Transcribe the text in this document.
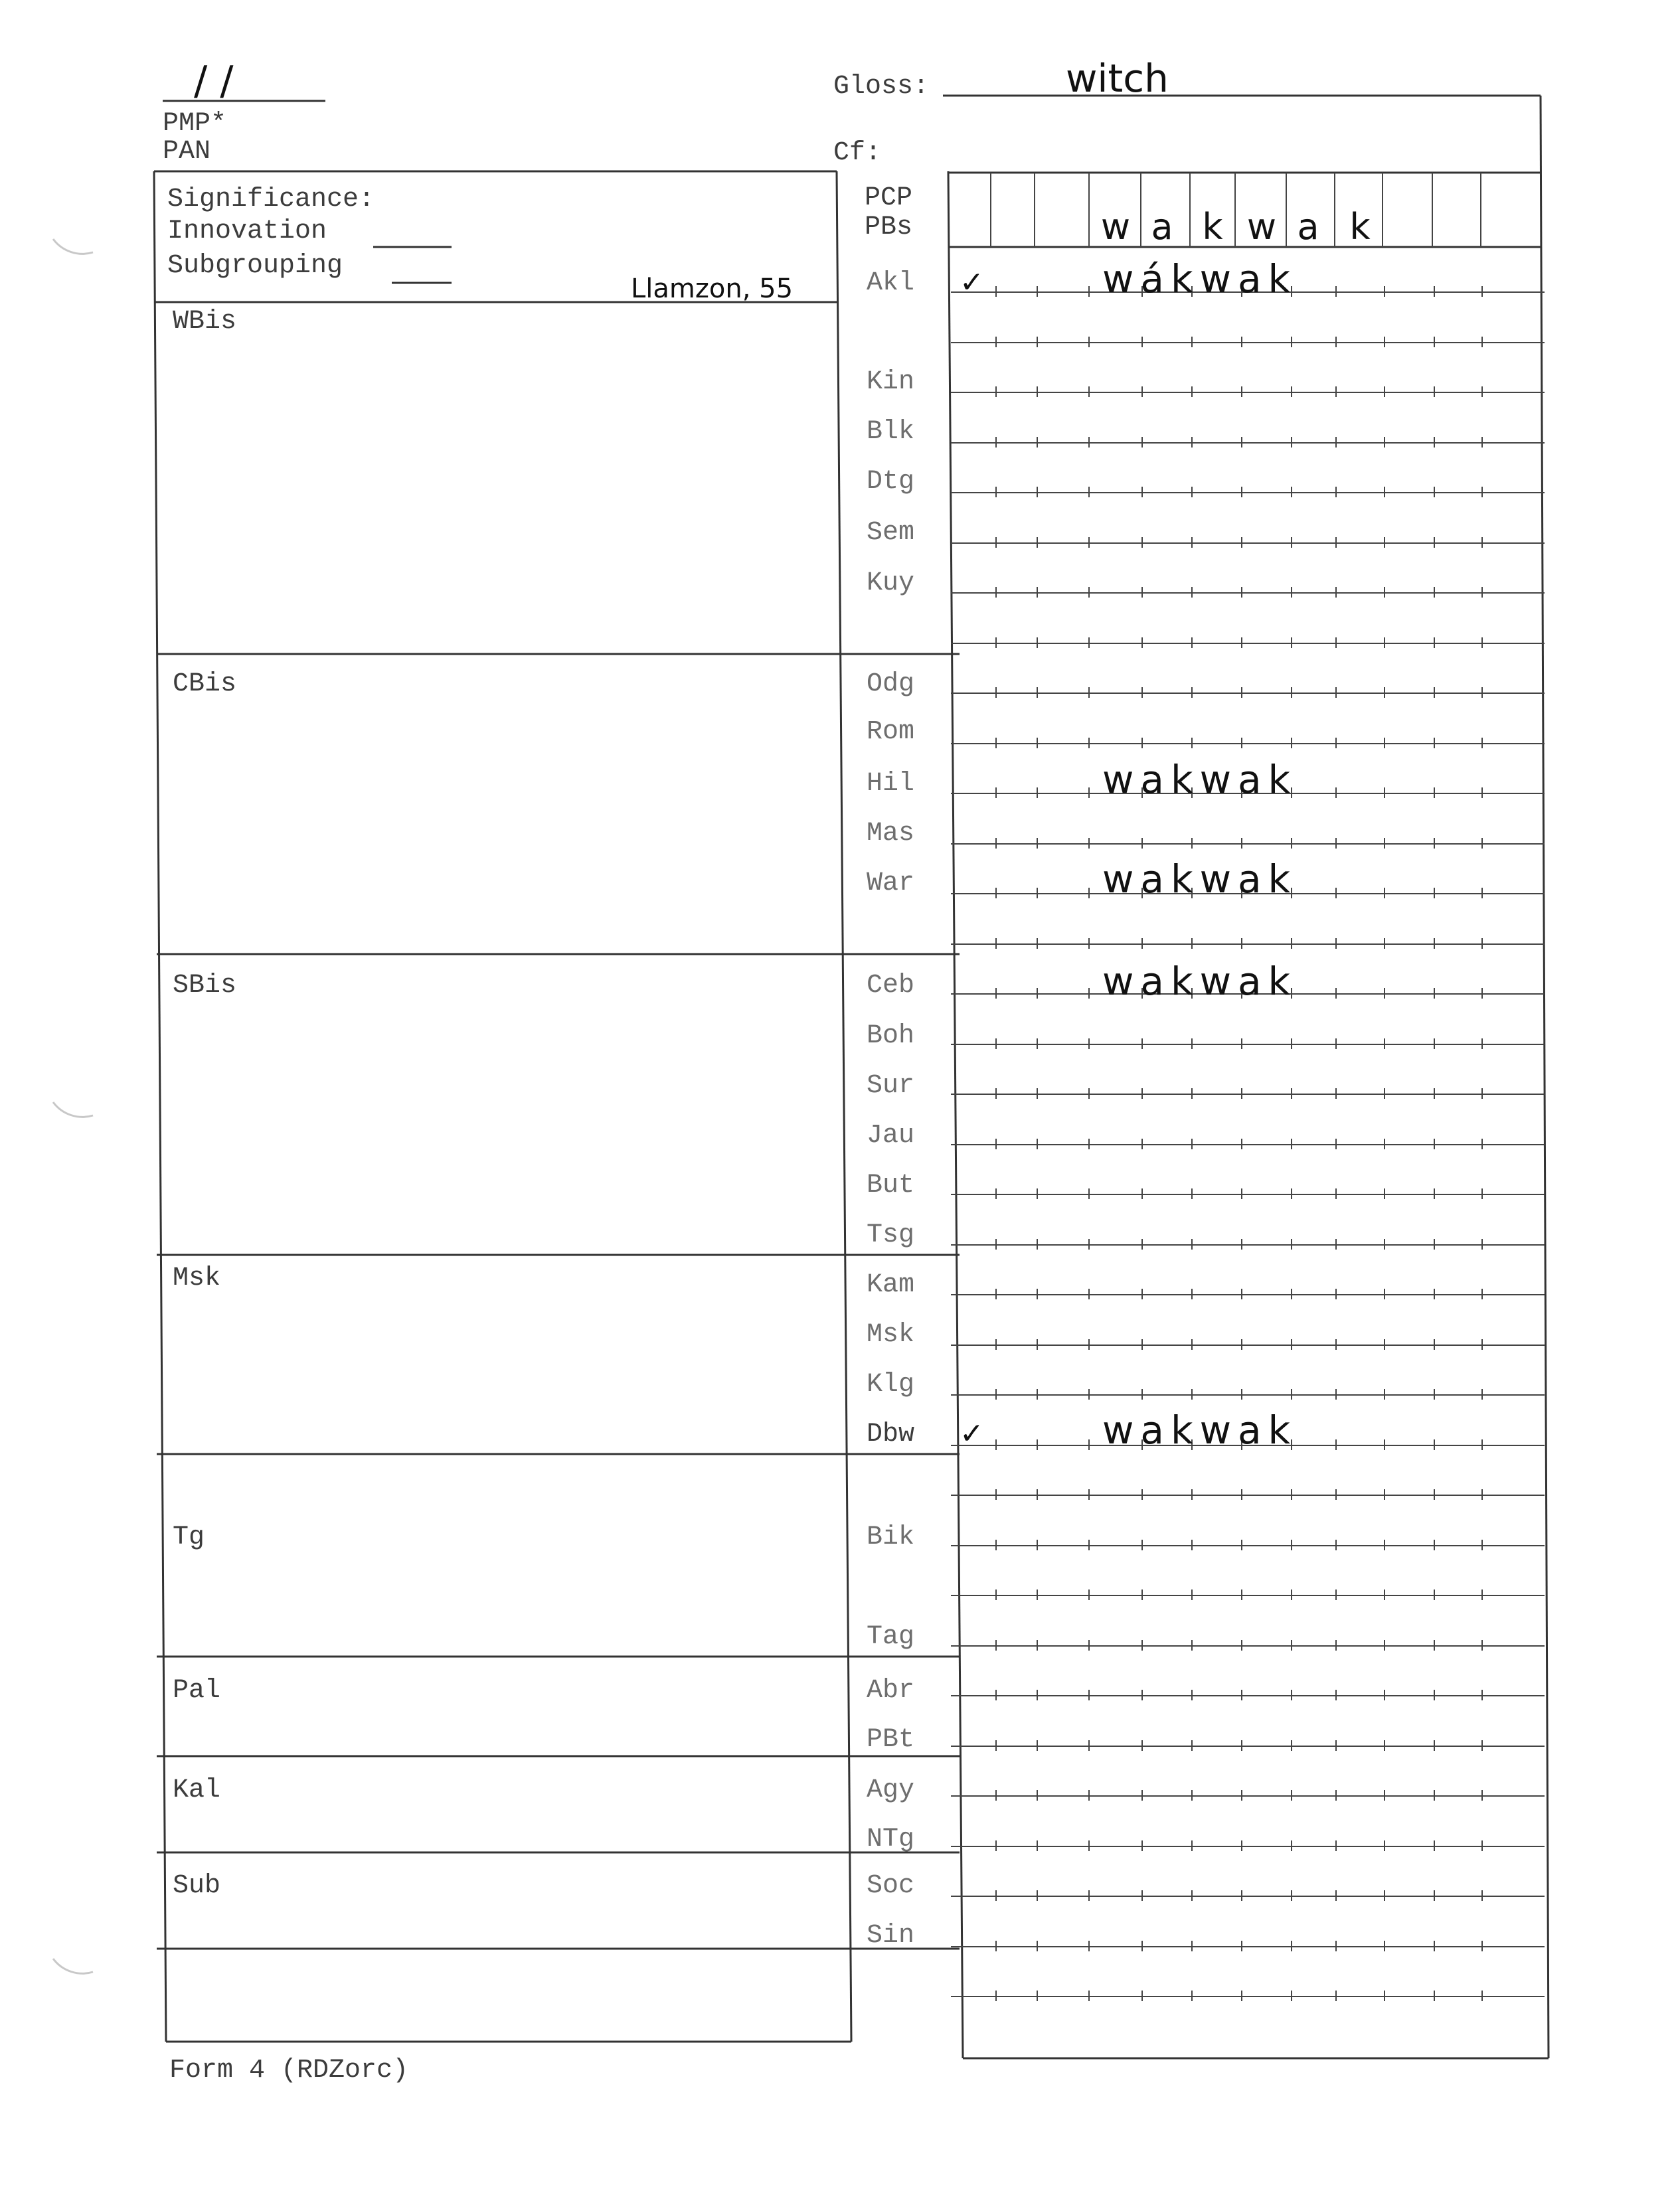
/ /
PMP*
PAN
Gloss:	witch
Cf:
Significance:
Innovation
Subgrouping
Llamzon, 55
PCP
PBs	w a k w a k
WBis
CBis
SBis
Msk
Tg
Pal
Kal
Sub
Akl ✓	wákwak
Kin
Blk
Dtg
Sem
Kuy
Odg
Rom
Hil	wakwak
Mas
War	wakwak
Ceb	wakwak
Boh
Sur
Jau
But
Tsg
Kam
Msk
Klg
Dbw ✓	wakwak
Bik
Tag
Abr
PBt
Agy
NTg
Soc
Sin
Form 4 (RDZorc)
